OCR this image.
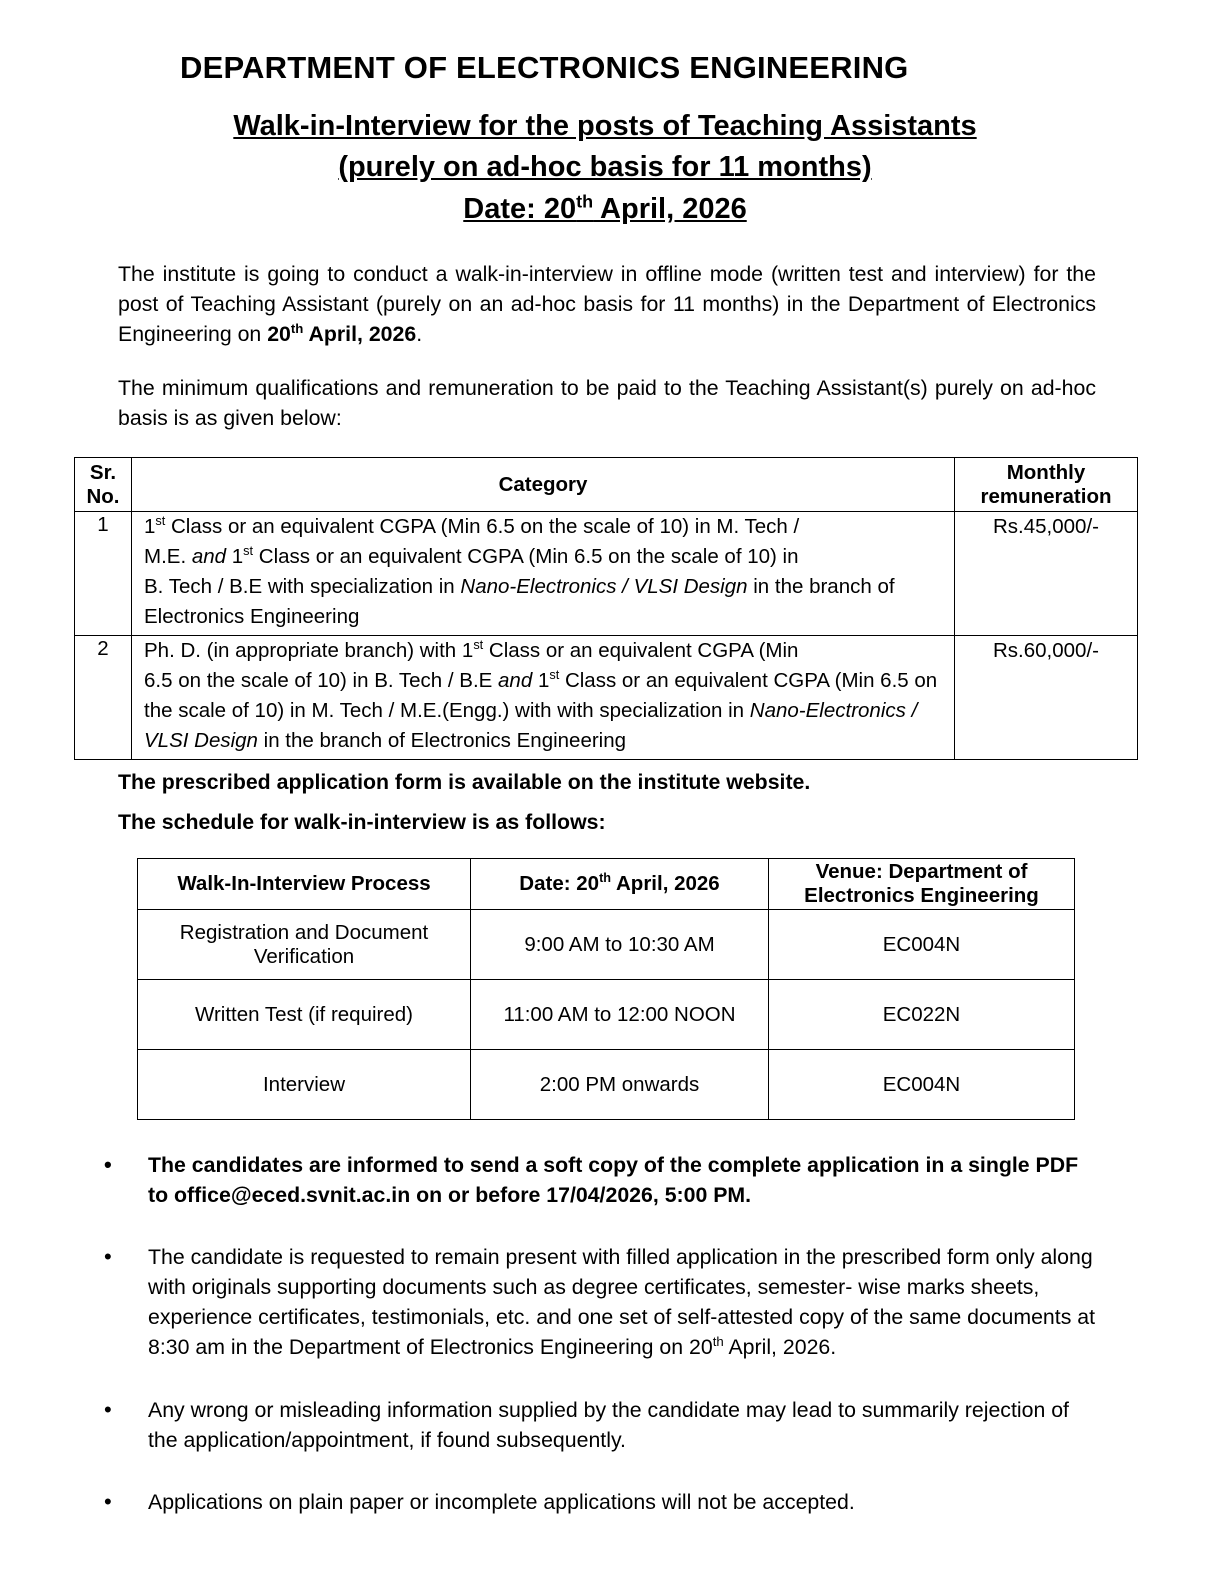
DEPARTMENT OF ELECTRONICS ENGINEERING
Walk-in-Interview for the posts of Teaching Assistants
(purely on ad-hoc basis for 11 months)
Date: 20th April, 2026
The institute is going to conduct a walk-in-interview in offline mode (written test and interview) for the post of Teaching Assistant (purely on an ad-hoc basis for 11 months) in the Department of Electronics Engineering on 20th April, 2026.
The minimum qualifications and remuneration to be paid to the Teaching Assistant(s) purely on ad-hoc basis is as given below:
Sr.
No.	Category	Monthly
remuneration
1	1st Class or an equivalent CGPA (Min 6.5 on the scale of 10) in M. Tech /
M.E. and 1st Class or an equivalent CGPA (Min 6.5 on the scale of 10) in
B. Tech / B.E with specialization in Nano-Electronics / VLSI Design in the branch of Electronics Engineering	Rs.45,000/-
2	Ph. D. (in appropriate branch) with 1st Class or an equivalent CGPA (Min
6.5 on the scale of 10) in B. Tech / B.E and 1st Class or an equivalent CGPA (Min 6.5 on the scale of 10) in M. Tech / M.E.(Engg.) with with specialization in Nano-Electronics / VLSI Design in the branch of Electronics Engineering	Rs.60,000/-
The prescribed application form is available on the institute website.
The schedule for walk-in-interview is as follows:
Walk-In-Interview Process	Date: 20th April, 2026	Venue: Department of
Electronics Engineering
Registration and Document Verification	9:00 AM to 10:30 AM	EC004N
Written Test (if required)	11:00 AM to 12:00 NOON	EC022N
Interview	2:00 PM onwards	EC004N
• The candidates are informed to send a soft copy of the complete application in a single PDF to office@eced.svnit.ac.in on or before 17/04/2026, 5:00 PM.
• The candidate is requested to remain present with filled application in the prescribed form only along with originals supporting documents such as degree certificates, semester- wise marks sheets, experience certificates, testimonials, etc. and one set of self-attested copy of the same documents at 8:30 am in the Department of Electronics Engineering on 20th April, 2026.
• Any wrong or misleading information supplied by the candidate may lead to summarily rejection of the application/appointment, if found subsequently.
• Applications on plain paper or incomplete applications will not be accepted.
